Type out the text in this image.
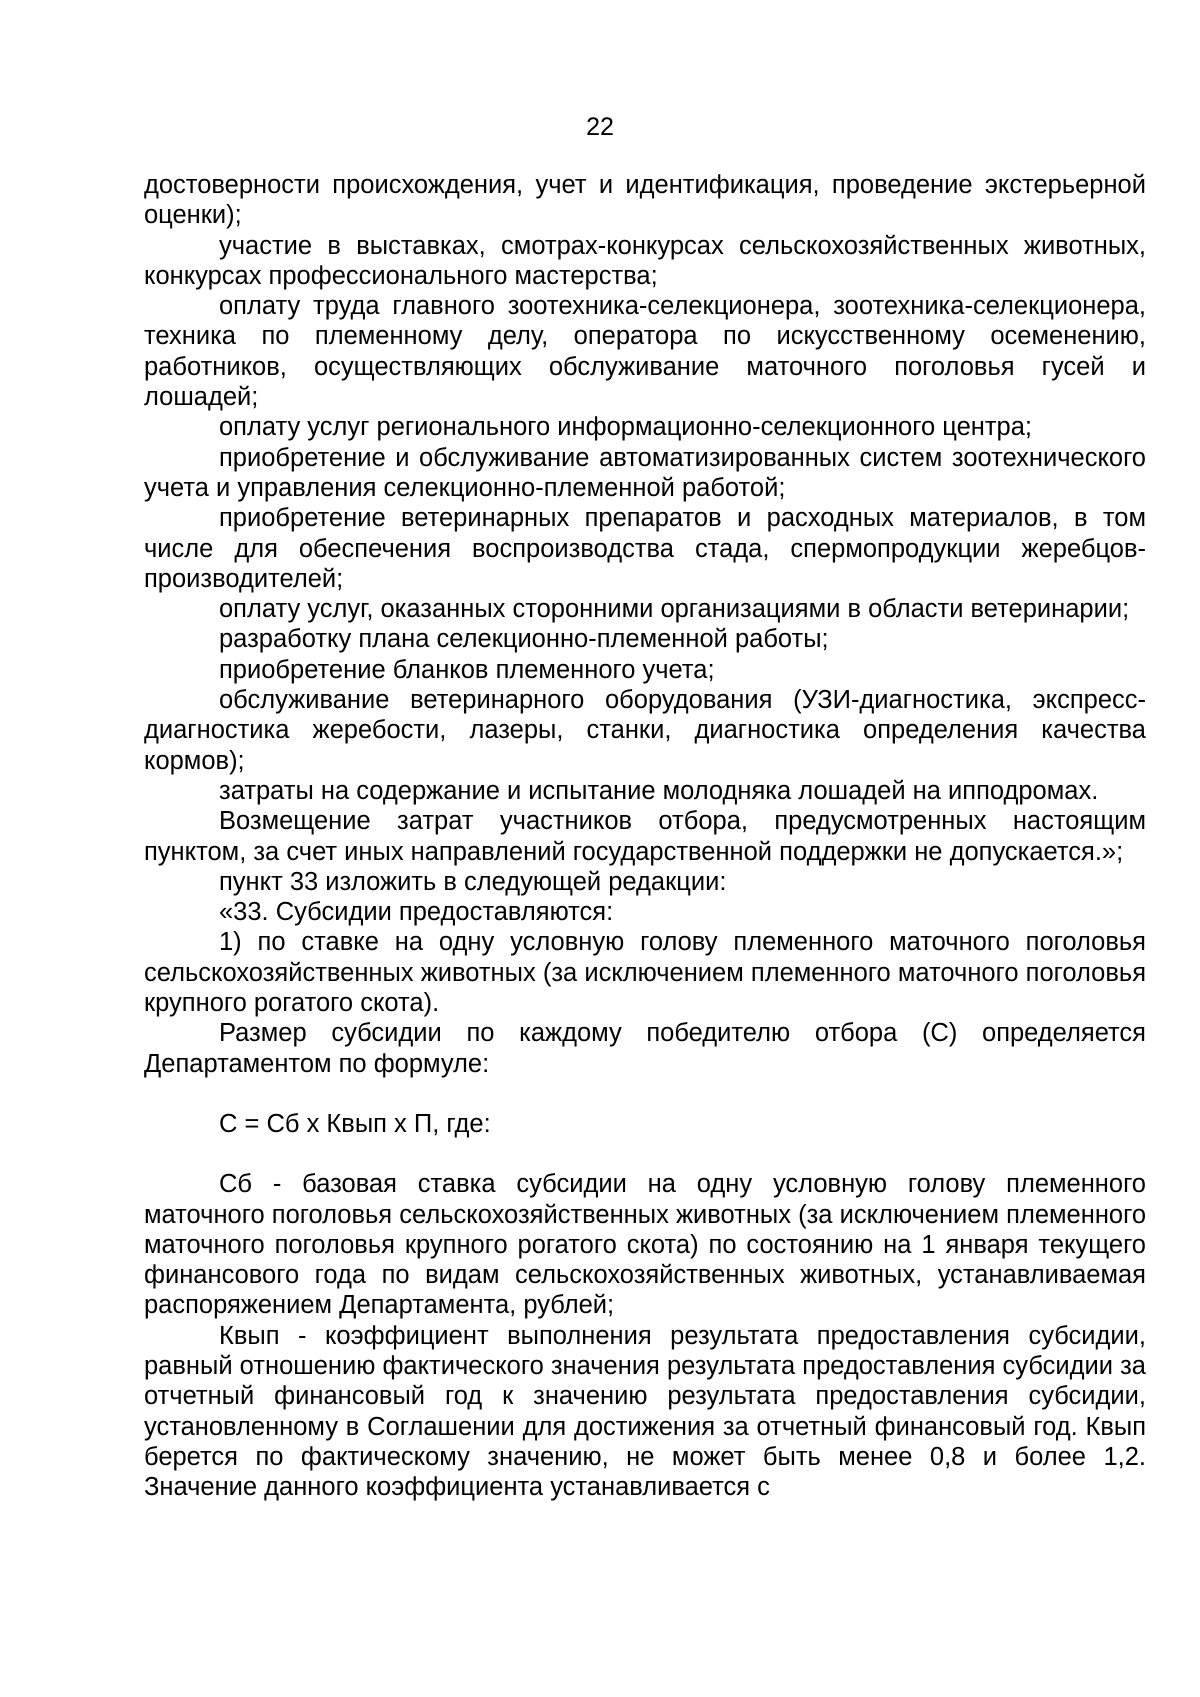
22

достоверности происхождения, учет и идентификация, проведение экстерьерной оценки);

участие в выставках, смотрах-конкурсах сельскохозяйственных животных, конкурсах профессионального мастерства;

оплату труда главного зоотехника-селекционера, зоотехника-селекционера, техника по племенному делу, оператора по искусственному осеменению, работников, осуществляющих обслуживание маточного поголовья гусей и лошадей;

оплату услуг регионального информационно-селекционного центра;

приобретение и обслуживание автоматизированных систем зоотехнического учета и управления селекционно-племенной работой;

приобретение ветеринарных препаратов и расходных материалов, в том числе для обеспечения воспроизводства стада, спермопродукции жеребцов-производителей;

оплату услуг, оказанных сторонними организациями в области ветеринарии;

разработку плана селекционно-племенной работы;

приобретение бланков племенного учета;

обслуживание ветеринарного оборудования (УЗИ-диагностика, экспресс-диагностика жеребости, лазеры, станки, диагностика определения качества кормов);

затраты на содержание и испытание молодняка лошадей на ипподромах.

Возмещение затрат участников отбора, предусмотренных настоящим пунктом, за счет иных направлений государственной поддержки не допускается.»;

пункт 33 изложить в следующей редакции:

«33. Субсидии предоставляются:

1) по ставке на одну условную голову племенного маточного поголовья сельскохозяйственных животных (за исключением племенного маточного поголовья крупного рогатого скота).

Размер субсидии по каждому победителю отбора (С) определяется Департаментом по формуле:

С = Сб х Квып х П, где:

Сб - базовая ставка субсидии на одну условную голову племенного маточного поголовья сельскохозяйственных животных (за исключением племенного маточного поголовья крупного рогатого скота) по состоянию на 1 января текущего финансового года по видам сельскохозяйственных животных, устанавливаемая распоряжением Департамента, рублей;

Квып - коэффициент выполнения результата предоставления субсидии, равный отношению фактического значения результата предоставления субсидии за отчетный финансовый год к значению результата предоставления субсидии, установленному в Соглашении для достижения за отчетный финансовый год. Квып берется по фактическому значению, не может быть менее 0,8 и более 1,2. Значение данного коэффициента устанавливается с
